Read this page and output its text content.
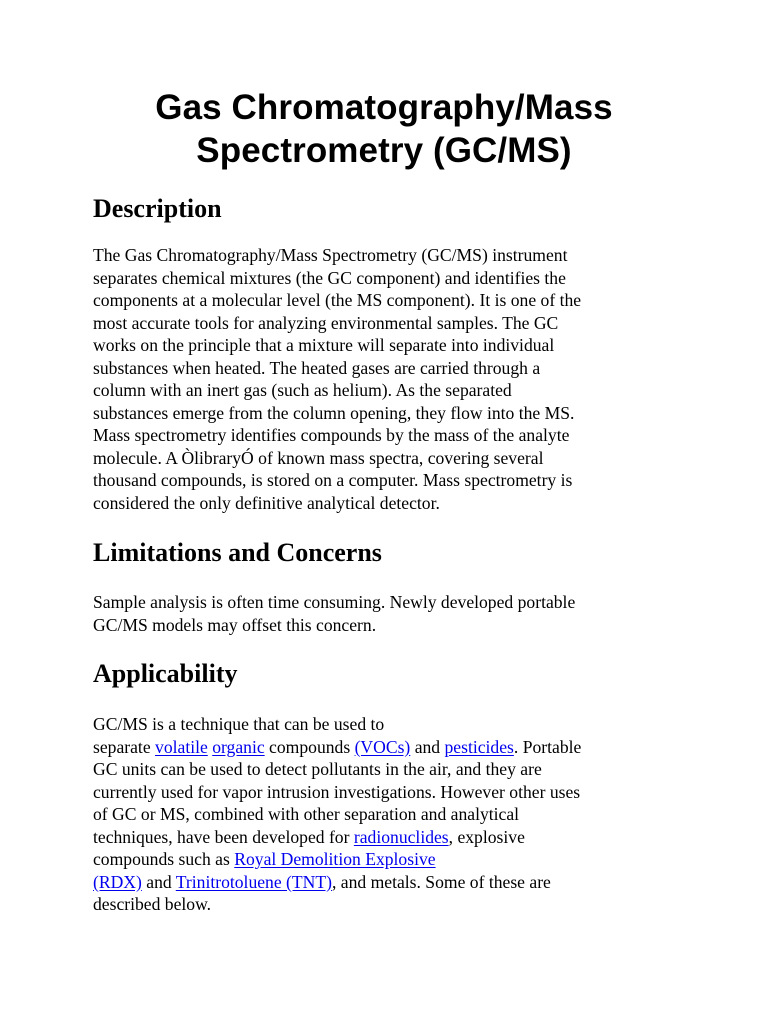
Gas Chromatography/Mass
Spectrometry (GC/MS)
Description

The Gas Chromatography/Mass Spectrometry (GC/MS) instrument
separates chemical mixtures (the GC component) and identifies the
components at a molecular level (the MS component). It is one of the
most accurate tools for analyzing environmental samples. The GC
works on the principle that a mixture will separate into individual
substances when heated. The heated gases are carried through a
column with an inert gas (such as helium). As the separated
substances emerge from the column opening, they flow into the MS.
Mass spectrometry identifies compounds by the mass of the analyte
molecule. A ÒlibraryÓ of known mass spectra, covering several
thousand compounds, is stored on a computer. Mass spectrometry is
considered the only definitive analytical detector.

Limitations and Concerns

Sample analysis is often time consuming. Newly developed portable
GC/MS models may offset this concern.

Applicability

GC/MS is a technique that can be used to
separate volatile organic compounds (VOCs) and pesticides. Portable
GC units can be used to detect pollutants in the air, and they are
currently used for vapor intrusion investigations. However other uses
of GC or MS, combined with other separation and analytical
techniques, have been developed for radionuclides, explosive
compounds such as Royal Demolition Explosive
(RDX) and Trinitrotoluene (TNT), and metals. Some of these are
described below.
